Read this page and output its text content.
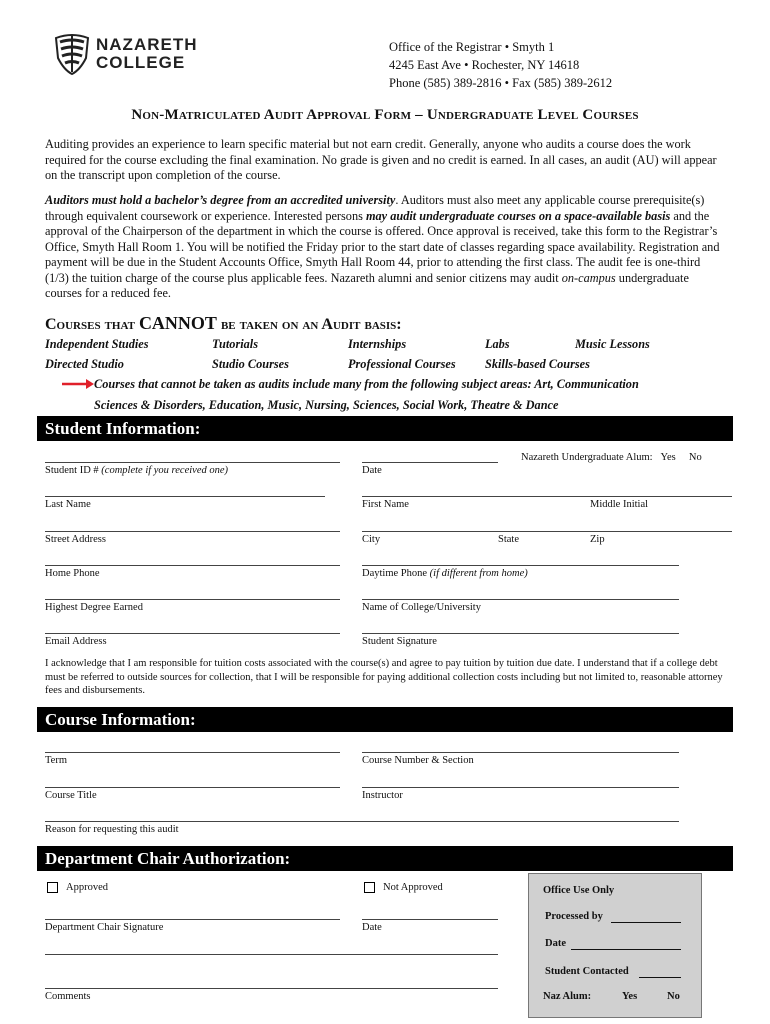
NAZARETH
COLLEGE
Office of the Registrar • Smyth 1
4245 East Ave • Rochester, NY 14618
Phone (585) 389-2816 • Fax (585) 389-2612
Non-Matriculated Audit Approval Form – Undergraduate Level Courses
Auditing provides an experience to learn specific material but not earn credit. Generally, anyone who audits a course does the work required for the course excluding the final examination. No grade is given and no credit is earned. In all cases, an audit (AU) will appear on the transcript upon completion of the course.
Auditors must hold a bachelor’s degree from an accredited university. Auditors must also meet any applicable course prerequisite(s) through equivalent coursework or experience. Interested persons may audit undergraduate courses on a space-available basis and the approval of the Chairperson of the department in which the course is offered. Once approval is received, take this form to the Registrar’s Office, Smyth Hall Room 1. You will be notified the Friday prior to the start date of classes regarding space availability. Registration and payment will be due in the Student Accounts Office, Smyth Hall Room 44, prior to attending the first class. The audit fee is one-third (1/3) the tuition charge of the course plus applicable fees. Nazareth alumni and senior citizens may audit on-campus undergraduate courses for a reduced fee.
Courses that CANNOT be taken on an Audit basis:
Independent Studies	Tutorials	Internships	Labs	Music Lessons
Directed Studio	Studio Courses	Professional Courses Skills-based Courses
Courses that cannot be taken as audits include many from the following subject areas: Art, Communication
Sciences & Disorders, Education, Music, Nursing, Sciences, Social Work, Theatre & Dance
Student Information:
Nazareth Undergraduate Alum: Yes No
Student ID # (complete if you received one)	Date
Last Name	First Name	Middle Initial
Street Address	City	State	Zip
Home Phone	Daytime Phone (if different from home)
Highest Degree Earned	Name of College/University
Email Address	Student Signature
I acknowledge that I am responsible for tuition costs associated with the course(s) and agree to pay tuition by tuition due date. I understand that if a college debt must be referred to outside sources for collection, that I will be responsible for paying additional collection costs including but not limited to, reasonable attorney fees and disbursements.
Course Information:
Term	Course Number & Section
Course Title	Instructor
Reason for requesting this audit
Department Chair Authorization:
Approved	Not Approved
Department Chair Signature	Date
Comments
Office Use Only
Processed by
Date
Student Contacted
Naz Alum:	Yes	No
